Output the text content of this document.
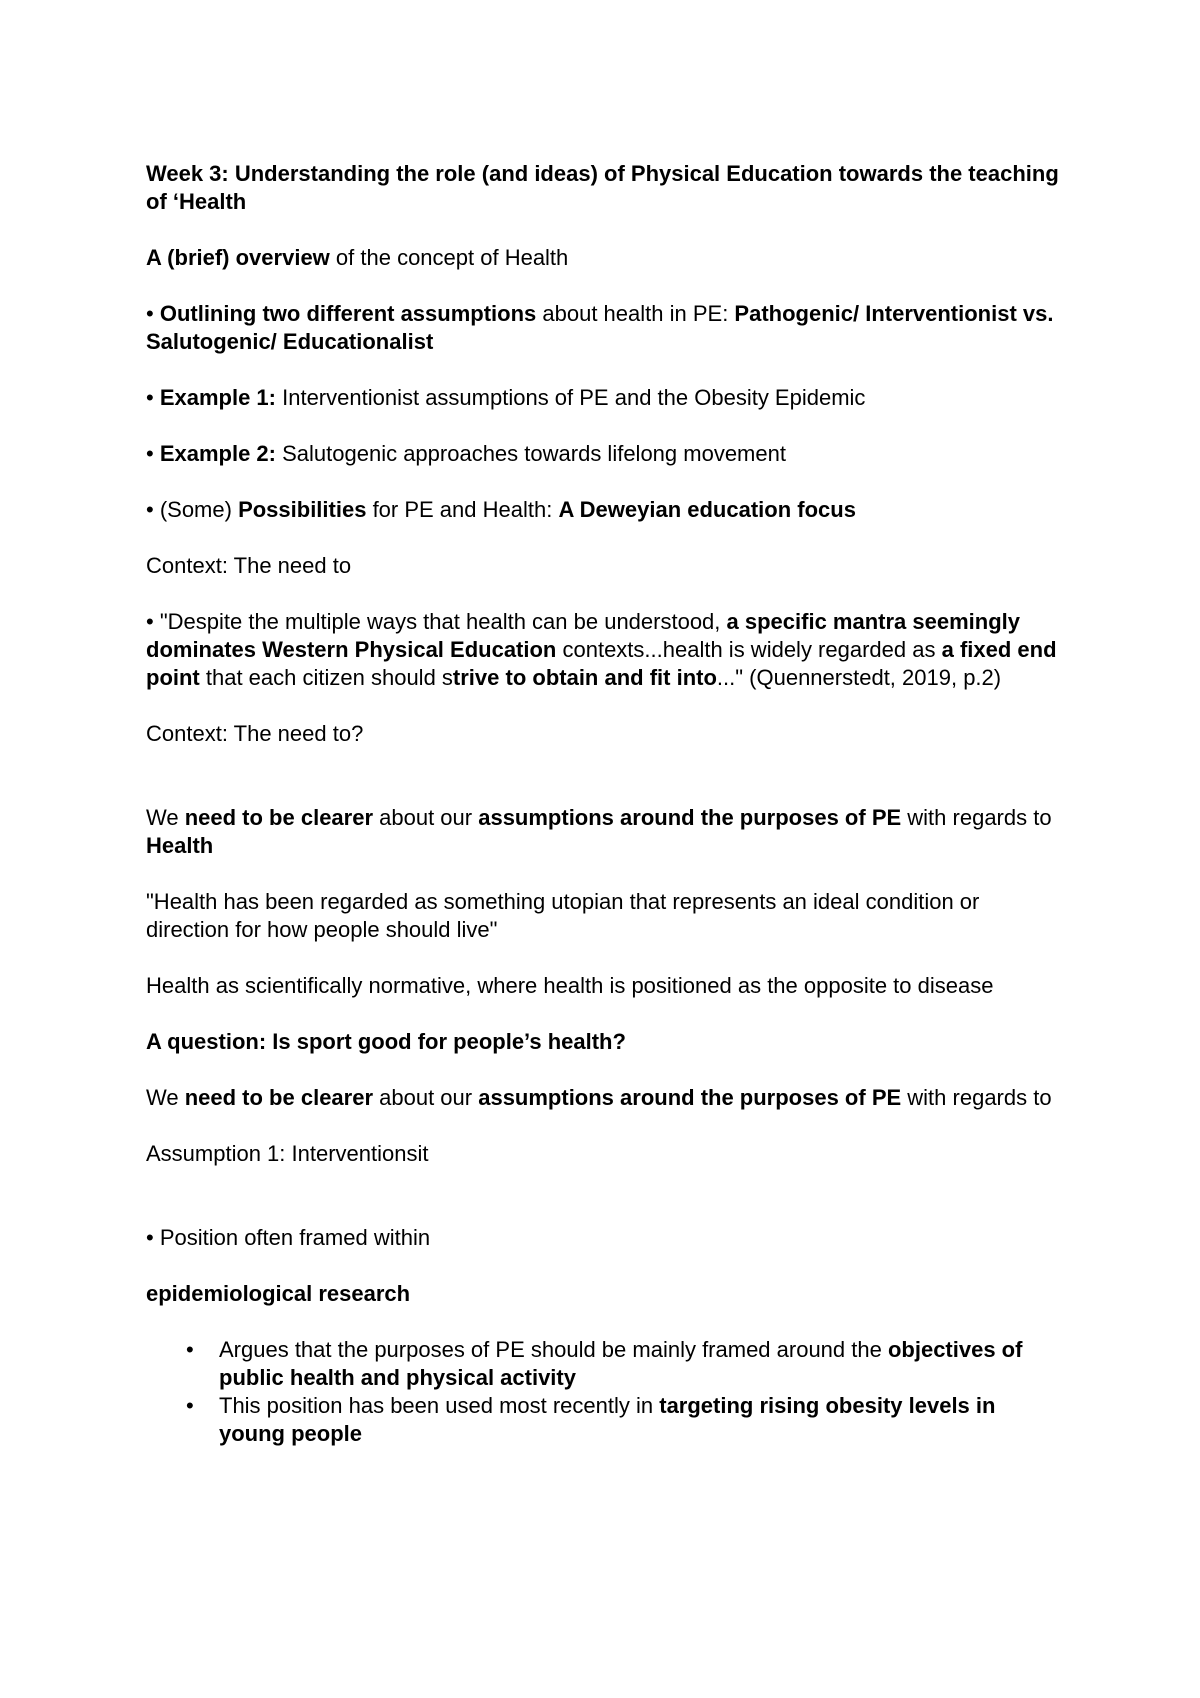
Week 3: Understanding the role (and ideas) of Physical Education towards the teaching of ‘Health

A (brief) overview of the concept of Health

• Outlining two different assumptions about health in PE: Pathogenic/ Interventionist vs. Salutogenic/ Educationalist

• Example 1: Interventionist assumptions of PE and the Obesity Epidemic

• Example 2: Salutogenic approaches towards lifelong movement

• (Some) Possibilities for PE and Health: A Deweyian education focus

Context: The need to

• "Despite the multiple ways that health can be understood, a specific mantra seemingly dominates Western Physical Education contexts...health is widely regarded as a fixed end point that each citizen should strive to obtain and fit into..." (Quennerstedt, 2019, p.2)

Context: The need to?

We need to be clearer about our assumptions around the purposes of PE with regards to Health

"Health has been regarded as something utopian that represents an ideal condition or direction for how people should live"

Health as scientifically normative, where health is positioned as the opposite to disease

A question: Is sport good for people’s health?

We need to be clearer about our assumptions around the purposes of PE with regards to

Assumption 1: Interventionsit

• Position often framed within

epidemiological research

• Argues that the purposes of PE should be mainly framed around the objectives of public health and physical activity
• This position has been used most recently in targeting rising obesity levels in young people
